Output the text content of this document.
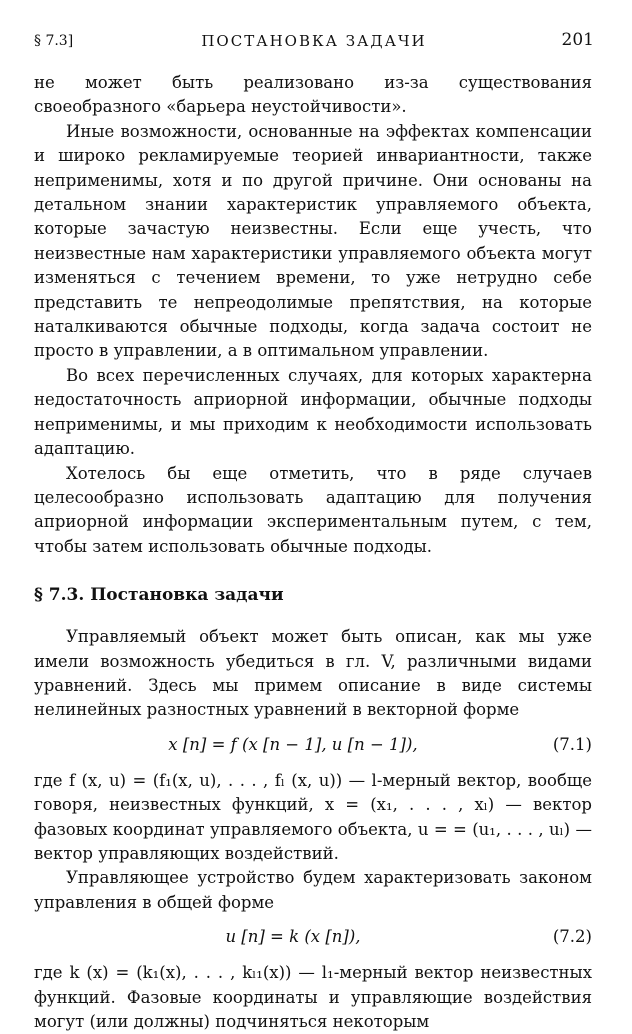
§ 7.3]	ПОСТАНОВКА ЗАДАЧИ	201

не может быть реализовано из-за существования своеобразного «барьера неустойчивости».

Иные возможности, основанные на эффектах компенсации и широко рекламируемые теорией инвариантности, также неприменимы, хотя и по другой причине. Они основаны на детальном знании характеристик управляемого объекта, которые зачастую неизвестны. Если еще учесть, что неизвестные нам характеристики управляемого объекта могут изменяться с течением времени, то уже нетрудно себе представить те непреодолимые препятствия, на которые наталкиваются обычные подходы, когда задача состоит не просто в управлении, а в оптимальном управлении.

Во всех перечисленных случаях, для которых характерна недостаточность априорной информации, обычные подходы неприменимы, и мы приходим к необходимости использовать адаптацию.

Хотелось бы еще отметить, что в ряде случаев целесообразно использовать адаптацию для получения априорной информации экспериментальным путем, с тем, чтобы затем использовать обычные подходы.

§ 7.3. Постановка задачи

Управляемый объект может быть описан, как мы уже имели возможность убедиться в гл. V, различными видами уравнений. Здесь мы примем описание в виде системы нелинейных разностных уравнений в векторной форме

x [n] = f (x [n − 1], u [n − 1]),	(7.1)

где f (x, u) = (f₁(x, u), . . . , fₗ (x, u)) — l-мерный вектор, вообще говоря, неизвестных функций, x = (x₁, . . . , xₗ) — вектор фазовых координат управляемого объекта, u = = (u₁, . . . , uₗ) — вектор управляющих воздействий.

Управляющее устройство будем характеризовать законом управления в общей форме

u [n] = k (x [n]),	(7.2)

где k (x) = (k₁(x), . . . , kₗ₁(x)) — l₁-мерный вектор неизвестных функций. Фазовые координаты и управляющие воздействия могут (или должны) подчиняться некоторым
